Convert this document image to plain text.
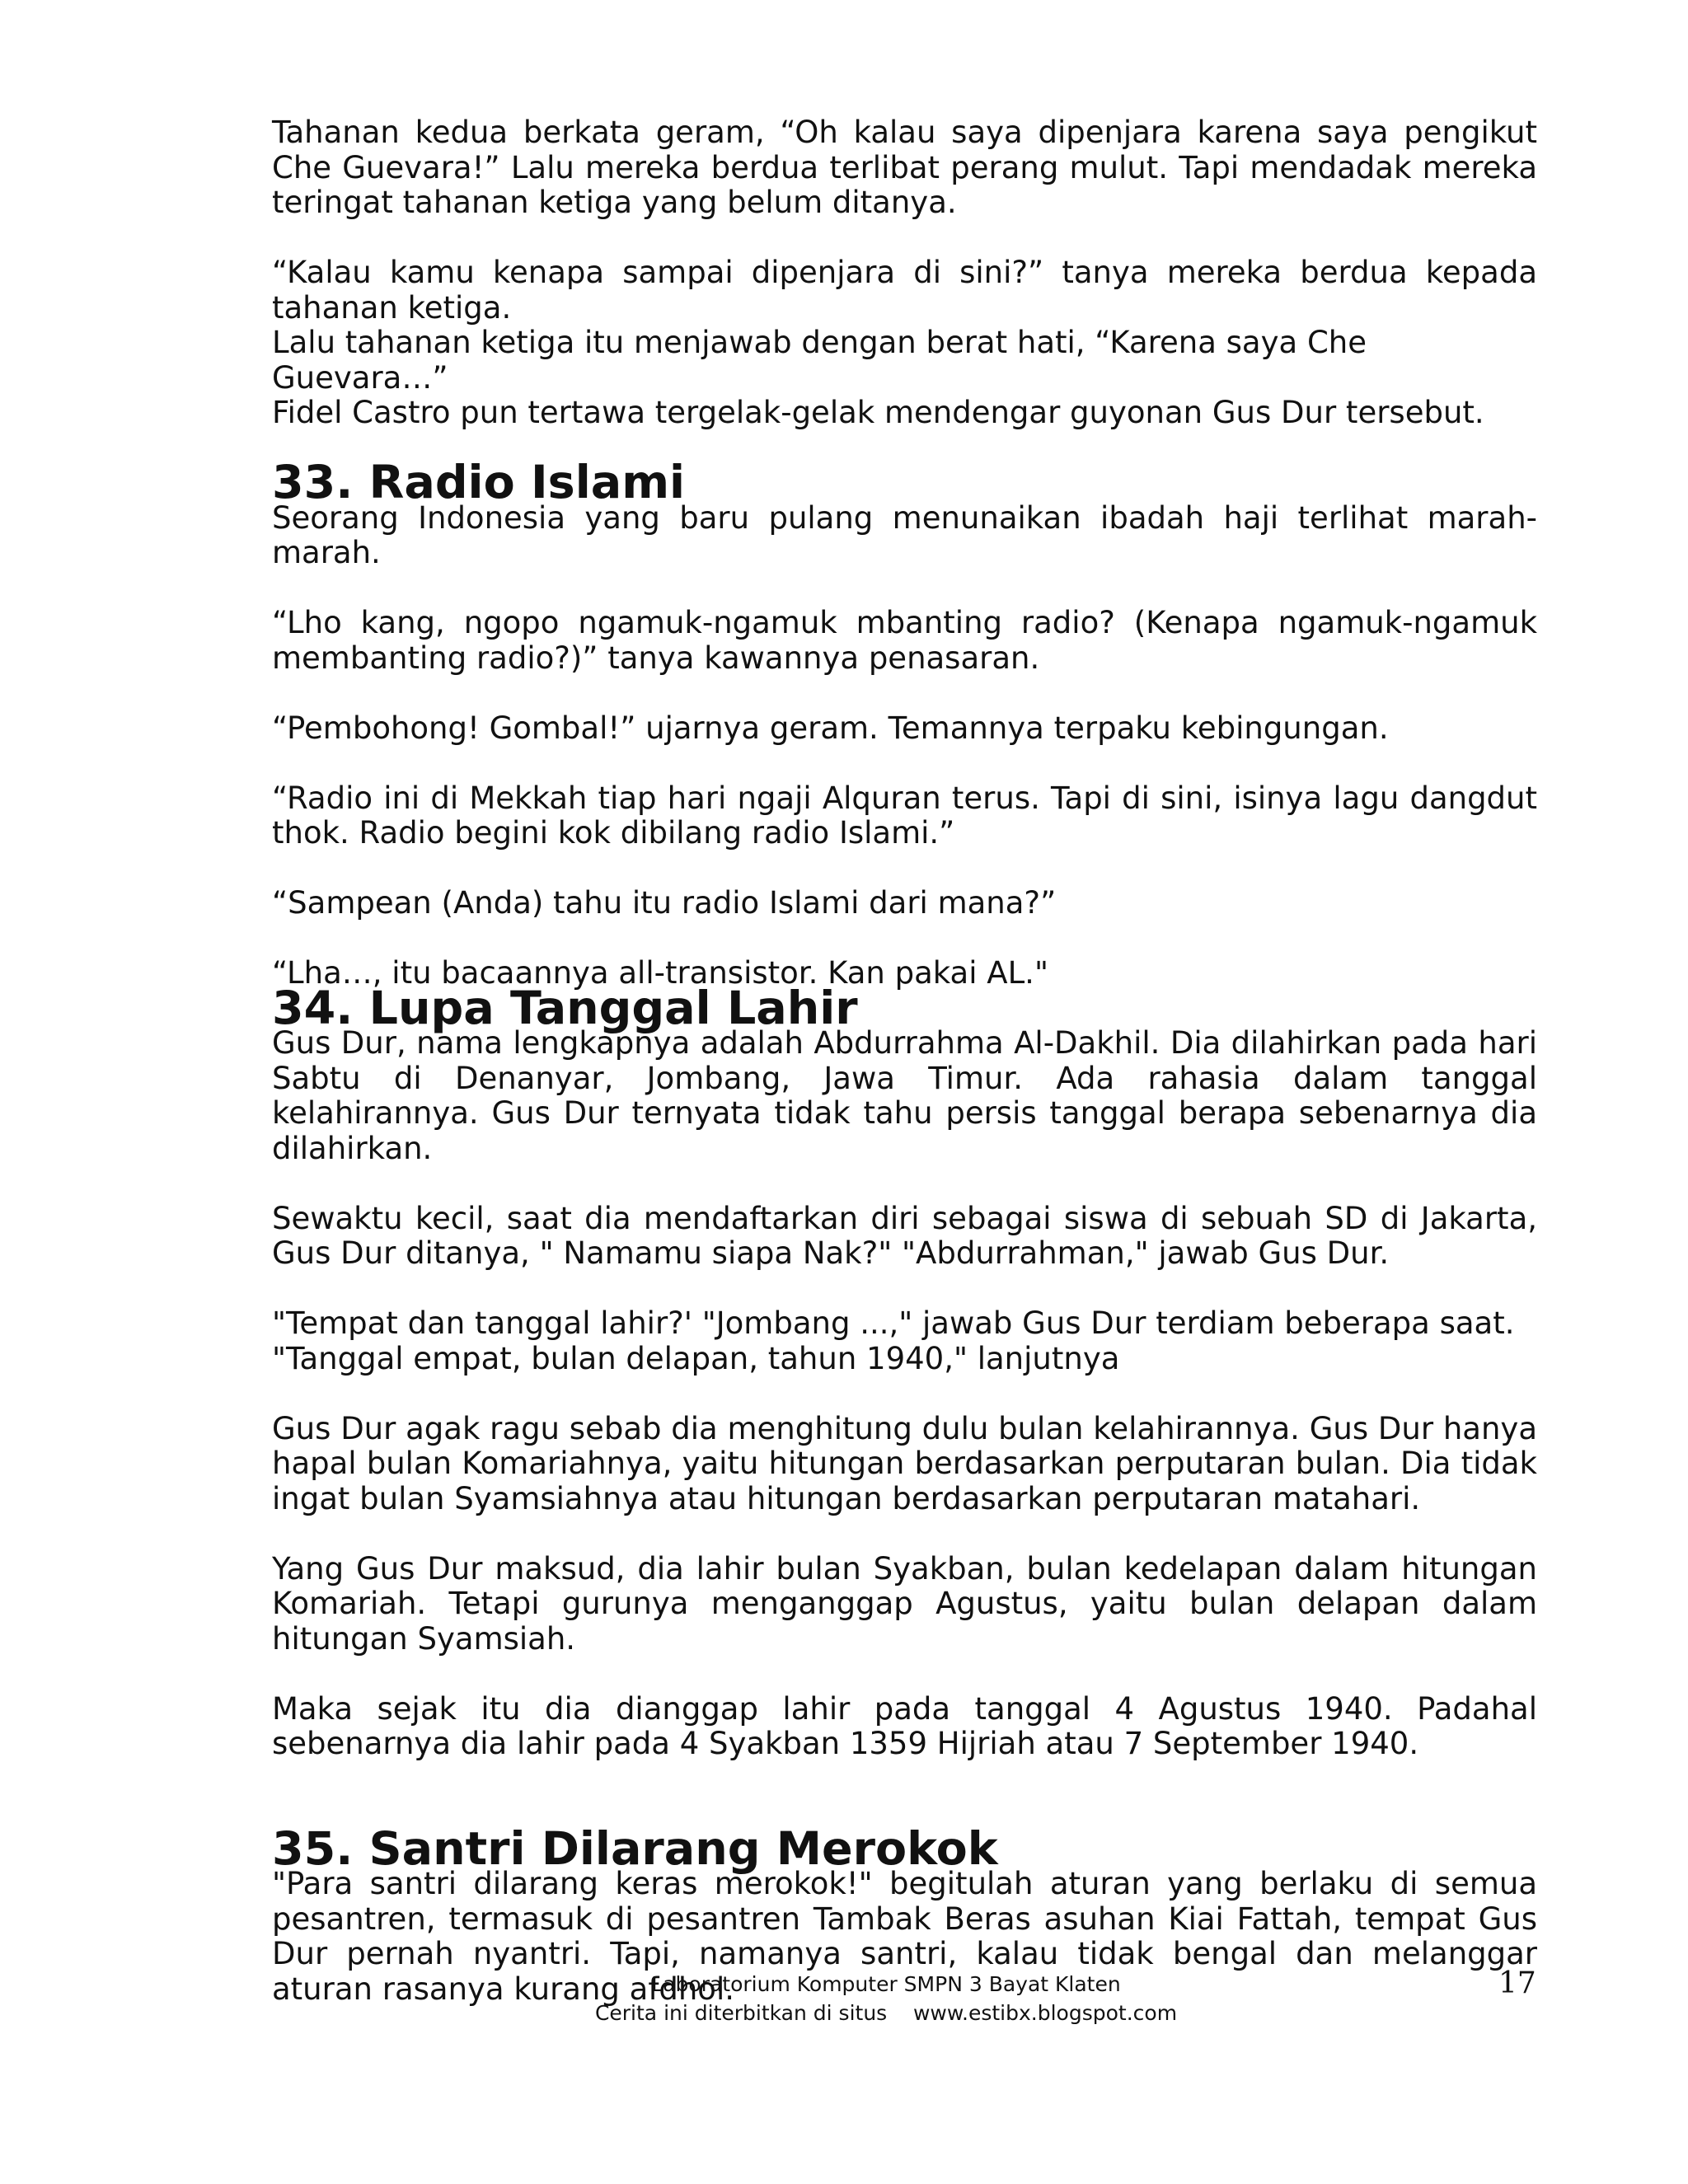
Tahanan kedua berkata geram, “Oh kalau saya dipenjara karena saya pengikut Che Guevara!” Lalu mereka berdua terlibat perang mulut. Tapi mendadak mereka teringat tahanan ketiga yang belum ditanya.

“Kalau kamu kenapa sampai dipenjara di sini?” tanya mereka berdua kepada tahanan ketiga.

Lalu tahanan ketiga itu menjawab dengan berat hati, “Karena saya Che Guevara…”

Fidel Castro pun tertawa tergelak-gelak mendengar guyonan Gus Dur tersebut.

33. Radio Islami

Seorang Indonesia yang baru pulang menunaikan ibadah haji terlihat marah-marah.

“Lho kang, ngopo ngamuk-ngamuk mbanting radio? (Kenapa ngamuk-ngamuk membanting radio?)” tanya kawannya penasaran.

“Pembohong! Gombal!” ujarnya geram. Temannya terpaku kebingungan.

“Radio ini di Mekkah tiap hari ngaji Alquran terus. Tapi di sini, isinya lagu dangdut thok. Radio begini kok dibilang radio Islami.”

“Sampean (Anda) tahu itu radio Islami dari mana?”

“Lha…, itu bacaannya all-transistor. Kan pakai AL."

34. Lupa Tanggal Lahir

Gus Dur, nama lengkapnya adalah Abdurrahma Al-Dakhil. Dia dilahirkan pada hari Sabtu di Denanyar, Jombang, Jawa Timur. Ada rahasia dalam tanggal kelahirannya. Gus Dur ternyata tidak tahu persis tanggal berapa sebenarnya dia dilahirkan.

Sewaktu kecil, saat dia mendaftarkan diri sebagai siswa di sebuah SD di Jakarta, Gus Dur ditanya, " Namamu siapa Nak?" "Abdurrahman," jawab Gus Dur.

"Tempat dan tanggal lahir?' "Jombang ...," jawab Gus Dur terdiam beberapa saat.

"Tanggal empat, bulan delapan, tahun 1940," lanjutnya

Gus Dur agak ragu sebab dia menghitung dulu bulan kelahirannya. Gus Dur hanya hapal bulan Komariahnya, yaitu hitungan berdasarkan perputaran bulan. Dia tidak ingat bulan Syamsiahnya atau hitungan berdasarkan perputaran matahari.

Yang Gus Dur maksud, dia lahir bulan Syakban, bulan kedelapan dalam hitungan Komariah. Tetapi gurunya menganggap Agustus, yaitu bulan delapan dalam hitungan Syamsiah.

Maka sejak itu dia dianggap lahir pada tanggal 4 Agustus 1940. Padahal sebenarnya dia lahir pada 4 Syakban 1359 Hijriah atau 7 September 1940.

35. Santri Dilarang Merokok

"Para santri dilarang keras merokok!" begitulah aturan yang berlaku di semua pesantren, termasuk di pesantren Tambak Beras asuhan Kiai Fattah, tempat Gus Dur pernah nyantri. Tapi, namanya santri, kalau tidak bengal dan melanggar aturan rasanya kurang afdhol.

Laboratorium Komputer SMPN 3 Bayat Klaten
Cerita ini diterbitkan di situs    www.estibx.blogspot.com
17
